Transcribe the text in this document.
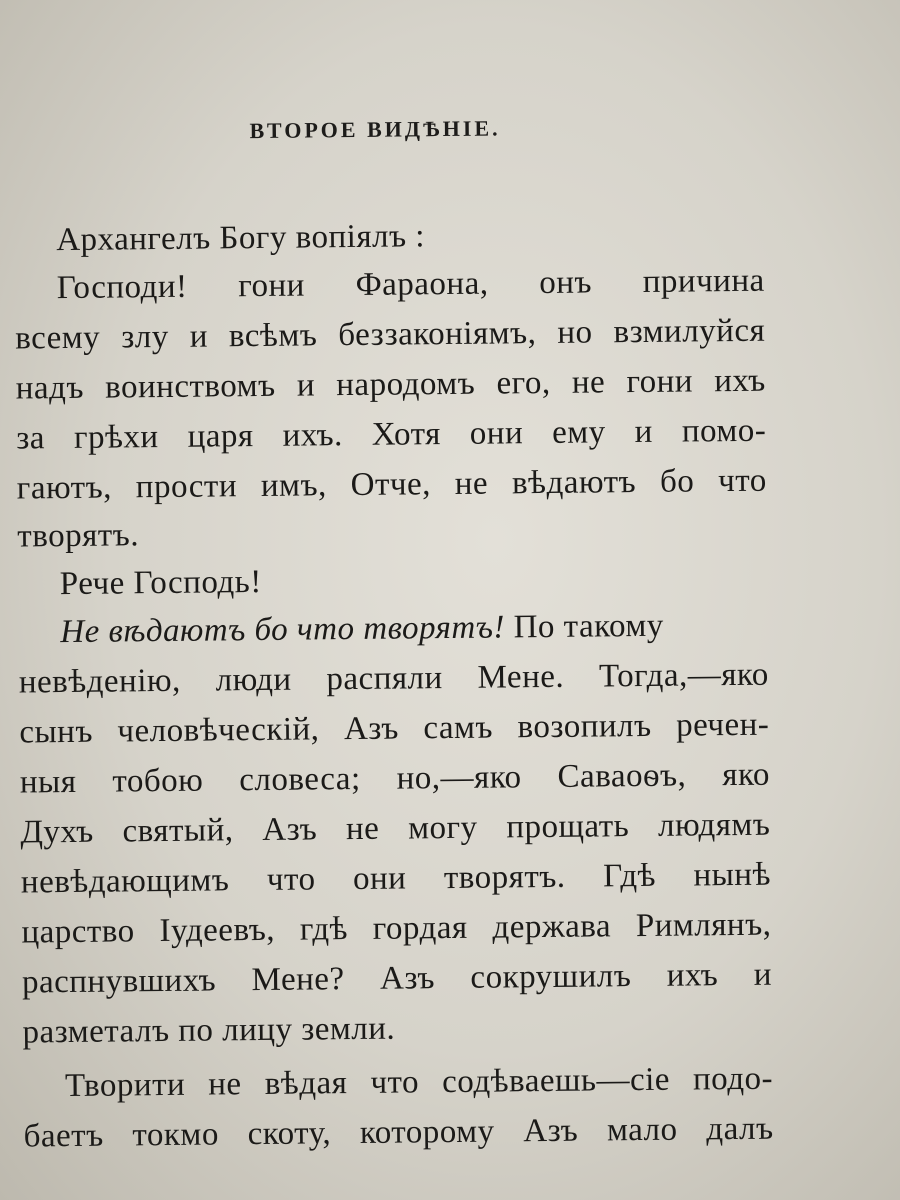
ВТОРОЕ ВИДѢНІЕ.
Архангелъ Богу вопіялъ :
Господи! гони Фараона, онъ причина
всему злу и всѣмъ беззаконіямъ, но взмилуйся
надъ воинствомъ и народомъ его, не гони ихъ
за грѣхи царя ихъ. Хотя они ему и помо-
гаютъ, прости имъ, Отче, не вѣдаютъ бо что
творятъ.
Рече Господь!
Не вѣдаютъ бо что творятъ! По такому
невѣденію, люди распяли Мене. Тогда,—яко
сынъ человѣческій, Азъ самъ возопилъ речен-
ныя тобою словеса; но,—яко Саваоѳъ, яко
Духъ святый, Азъ не могу прощать людямъ
невѣдающимъ что они творятъ. Гдѣ нынѣ
царство Іудеевъ, гдѣ гордая держава Римлянъ,
распнувшихъ Мене? Азъ сокрушилъ ихъ и
разметалъ по лицу земли.
Творити не вѣдая что содѣваешь—сіе подо-
баетъ токмо скоту, которому Азъ мало далъ
